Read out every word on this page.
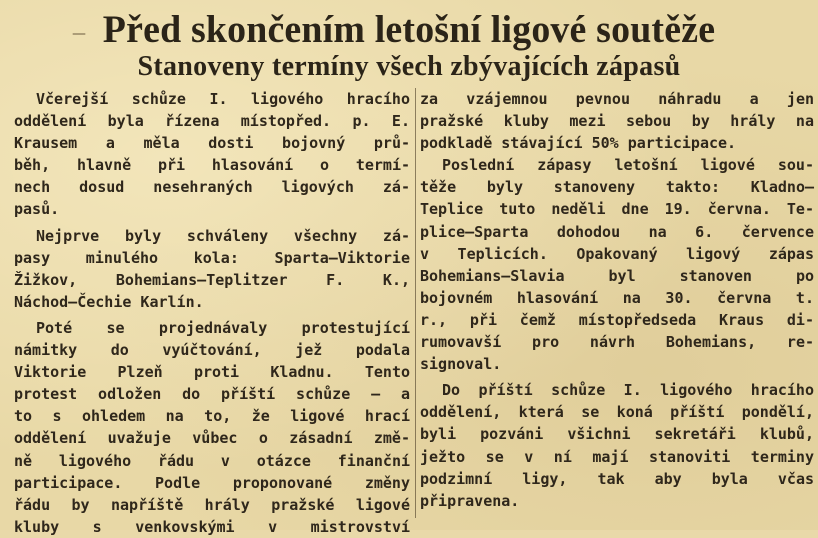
— Před skončením letošní ligové soutěže
Stanoveny termíny všech zbývajících zápasů
Včerejší schůze I. ligového hracího
oddělení byla řízena místopřed. p. E.
Krausem a měla dosti bojovný prů-
běh, hlavně při hlasování o termí-
nech dosud nesehraných ligových zá-
pasů.
Nejprve byly schváleny všechny zá-
pasy minulého kola: Sparta—Viktorie
Žižkov, Bohemians—Teplitzer F. K.,
Náchod—Čechie Karlín.
Poté se projednávaly protestující
námitky do vyúčtování, jež podala
Viktorie Plzeň proti Kladnu. Tento
protest odložen do příští schůze — a
to s ohledem na to, že ligové hrací
oddělení uvažuje vůbec o zásadní změ-
ně ligového řádu v otázce finanční
participace. Podle proponované změny
řádu by napříště hrály pražské ligové
kluby s venkovskými v mistrovství
za vzájemnou pevnou náhradu a jen
pražské kluby mezi sebou by hrály na
podkladě stávající 50% participace.
Poslední zápasy letošní ligové sou-
těže byly stanoveny takto: Kladno—
Teplice tuto neděli dne 19. června. Te-
plice—Sparta dohodou na 6. července
v Teplicích. Opakovaný ligový zápas
Bohemians—Slavia byl stanoven po
bojovném hlasování na 30. června t.
r., při čemž místopředseda Kraus di-
rumovavší pro návrh Bohemians, re-
signoval.
Do příští schůze I. ligového hracího
oddělení, která se koná příští pondělí,
byli pozváni všichni sekretáři klubů,
ježto se v ní mají stanoviti terminy
podzimní ligy, tak aby byla včas
připravena.
